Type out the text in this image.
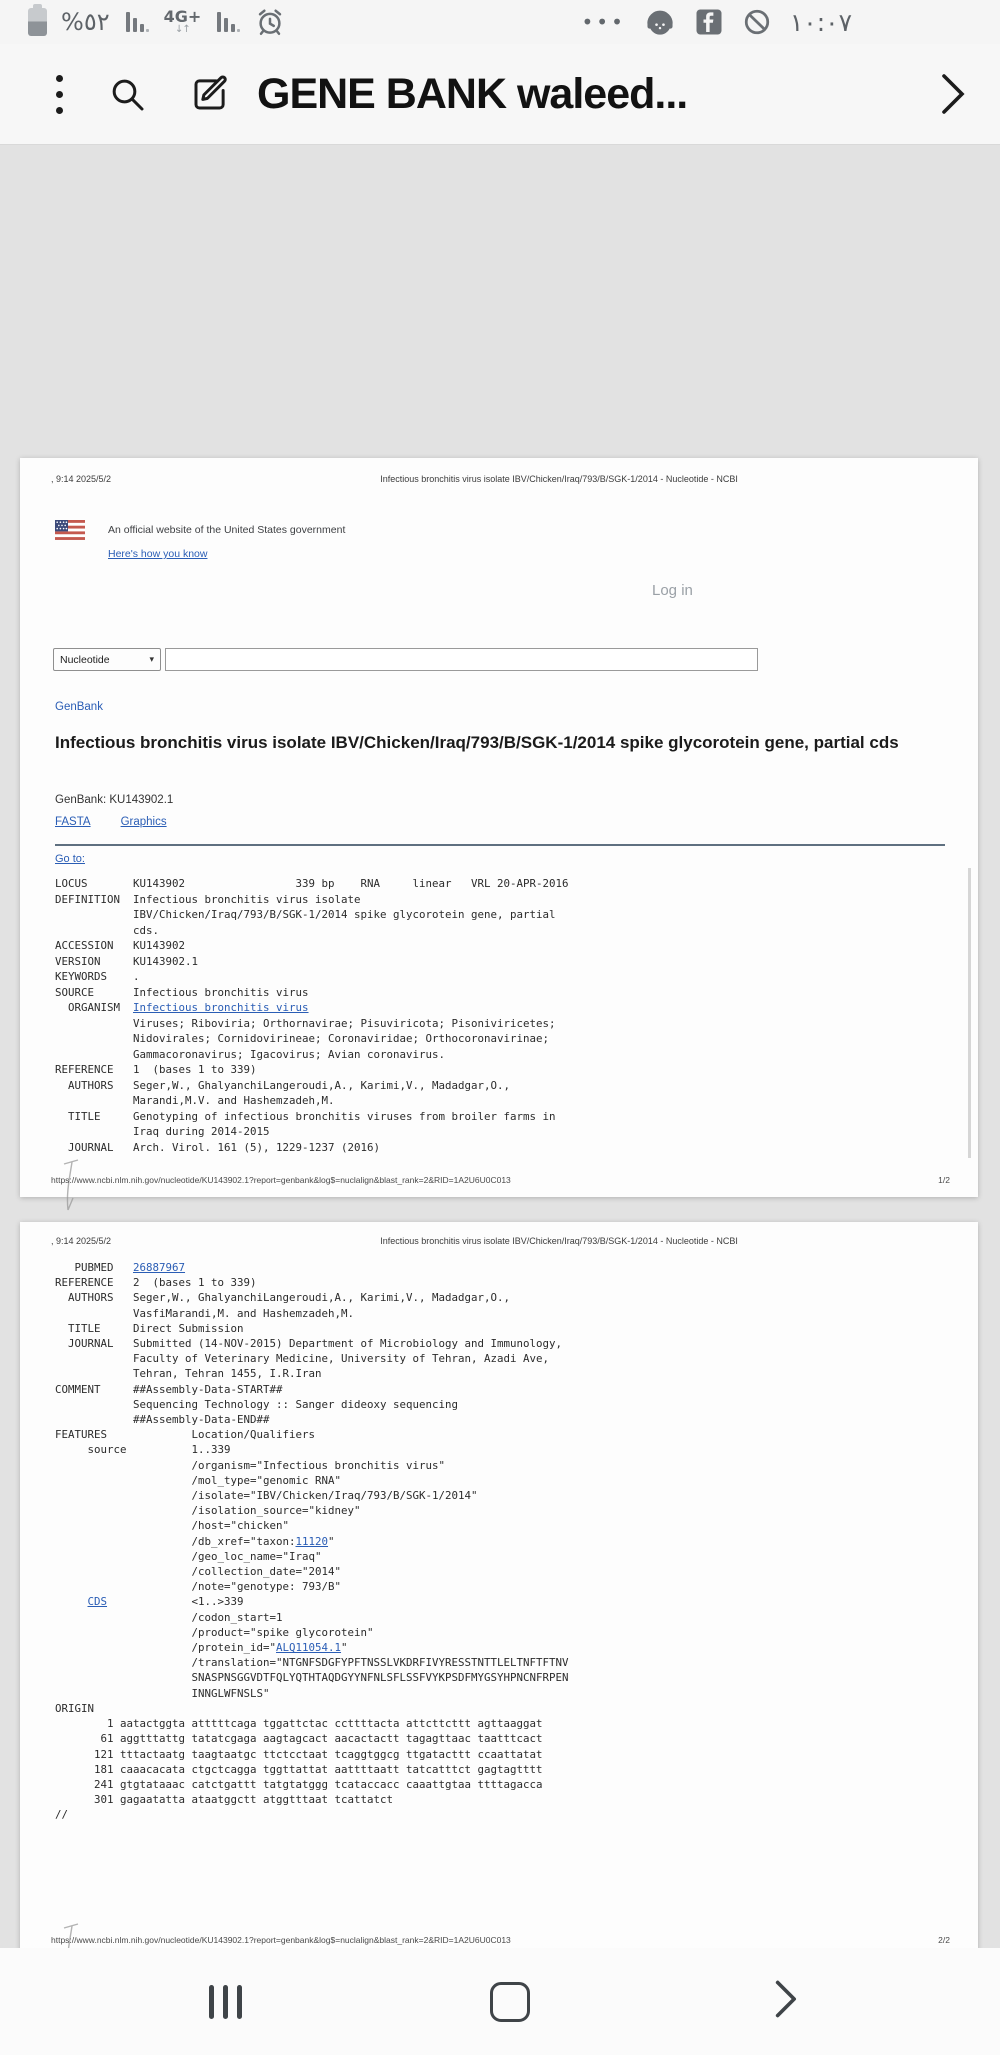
%٥٢	4G+
↓↑	•••	١٠:٠٧
GENE BANK waleed...
, 9:14 2025/5/2	Infectious bronchitis virus isolate IBV/Chicken/Iraq/793/B/SGK-1/2014 - Nucleotide - NCBI
An official website of the United States government
Here's how you know
Log in
Nucleotide	▾
GenBank
Infectious bronchitis virus isolate IBV/Chicken/Iraq/793/B/SGK-1/2014 spike glycorotein gene, partial cds
GenBank: KU143902.1
FASTA	Graphics
Go to:
LOCUS       KU143902                 339 bp    RNA     linear   VRL 20-APR-2016
DEFINITION  Infectious bronchitis virus isolate
IBV/Chicken/Iraq/793/B/SGK-1/2014 spike glycorotein gene, partial
cds.
ACCESSION   KU143902
VERSION     KU143902.1
KEYWORDS    .
SOURCE      Infectious bronchitis virus
ORGANISM  Infectious bronchitis virus
Viruses; Riboviria; Orthornavirae; Pisuviricota; Pisoniviricetes;
Nidovirales; Cornidovirineae; Coronaviridae; Orthocoronavirinae;
Gammacoronavirus; Igacovirus; Avian coronavirus.
REFERENCE   1  (bases 1 to 339)
AUTHORS   Seger,W., GhalyanchiLangeroudi,A., Karimi,V., Madadgar,O.,
Marandi,M.V. and Hashemzadeh,M.
TITLE     Genotyping of infectious bronchitis viruses from broiler farms in
Iraq during 2014-2015
JOURNAL   Arch. Virol. 161 (5), 1229-1237 (2016)
https://www.ncbi.nlm.nih.gov/nucleotide/KU143902.1?report=genbank&log$=nuclalign&blast_rank=2&RID=1A2U6U0C013	1/2
, 9:14 2025/5/2	Infectious bronchitis virus isolate IBV/Chicken/Iraq/793/B/SGK-1/2014 - Nucleotide - NCBI
PUBMED   26887967
REFERENCE   2  (bases 1 to 339)
AUTHORS   Seger,W., GhalyanchiLangeroudi,A., Karimi,V., Madadgar,O.,
VasfiMarandi,M. and Hashemzadeh,M.
TITLE     Direct Submission
JOURNAL   Submitted (14-NOV-2015) Department of Microbiology and Immunology,
Faculty of Veterinary Medicine, University of Tehran, Azadi Ave,
Tehran, Tehran 1455, I.R.Iran
COMMENT     ##Assembly-Data-START##
Sequencing Technology :: Sanger dideoxy sequencing
##Assembly-Data-END##
FEATURES             Location/Qualifiers
source          1..339
/organism="Infectious bronchitis virus"
/mol_type="genomic RNA"
/isolate="IBV/Chicken/Iraq/793/B/SGK-1/2014"
/isolation_source="kidney"
/host="chicken"
/db_xref="taxon:11120"
/geo_loc_name="Iraq"
/collection_date="2014"
/note="genotype: 793/B"
CDS             <1..>339
/codon_start=1
/product="spike glycorotein"
/protein_id="ALQ11054.1"
/translation="NTGNFSDGFYPFTNSSLVKDRFIVYRESSTNTTLELTNFTFTNV
SNASPNSGGVDTFQLYQTHTAQDGYYNFNLSFLSSFVYKPSDFMYGSYHPNCNFRPEN
INNGLWFNSLS"
ORIGIN
1 aatactggta atttttcaga tggattctac ccttttacta attcttcttt agttaaggat
61 aggtttattg tatatcgaga aagtagcact aacactactt tagagttaac taatttcact
121 tttactaatg taagtaatgc ttctcctaat tcaggtggcg ttgatacttt ccaattatat
181 caaacacata ctgctcagga tggttattat aattttaatt tatcatttct gagtagtttt
241 gtgtataaac catctgattt tatgtatggg tcataccacc caaattgtaa ttttagacca
301 gagaatatta ataatggctt atggtttaat tcattatct
//
https://www.ncbi.nlm.nih.gov/nucleotide/KU143902.1?report=genbank&log$=nuclalign&blast_rank=2&RID=1A2U6U0C013	2/2
